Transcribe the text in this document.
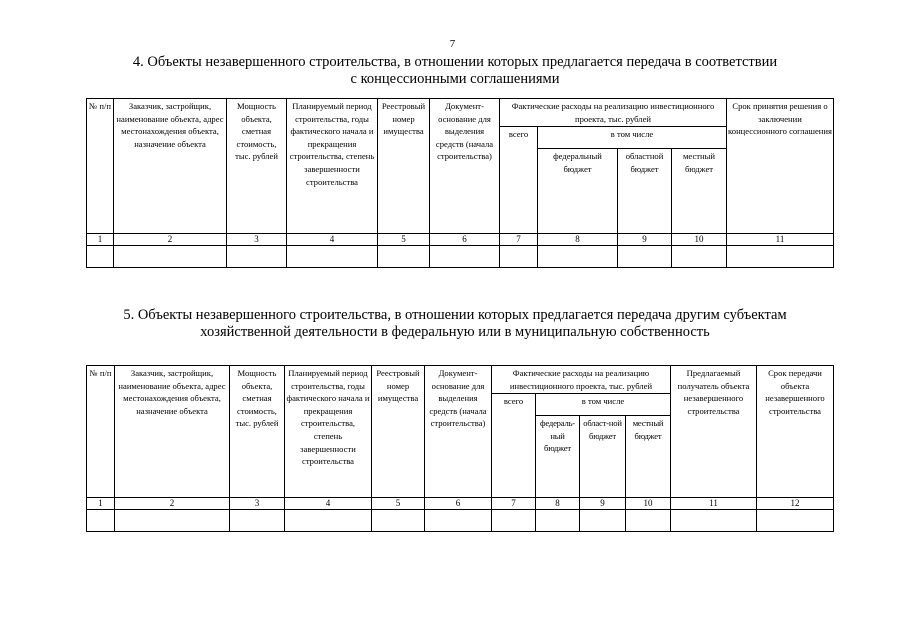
7
4. Объекты незавершенного строительства, в отношении которых предлагается передача в соответствии
с концессионными соглашениями
№ п/п	Заказчик, застройщик, наименование объекта, адрес местонахождения объекта, назначение объекта	Мощность объекта, сметная стоимость, тыс. рублей	Планируемый период строительства, годы фактического начала и прекращения строительства, степень завершенности строительства	Реестровый номер имущества	Документ-основание для выделения средств (начала строительства)	Фактические расходы на реализацию инвестиционного проекта, тыс. рублей				Срок принятия решения о заключении концессионного соглашения
						всего	в том числе			
							федеральный бюджет	областной бюджет	местный бюджет	
1	2	3	4	5	6	7	8	9	10	11

5. Объекты незавершенного строительства, в отношении которых предлагается передача другим субъектам
хозяйственной деятельности в федеральную или в муниципальную собственность
№ п/п	Заказчик, застройщик, наименование объекта, адрес местонахождения объекта, назначение объекта	Мощность объекта, сметная стоимость, тыс. рублей	Планируемый период строительства, годы фактического начала и прекращения строительства, степень завершенности строительства	Реестровый номер имущества	Документ-основание для выделения средств (начала строительства)	Фактические расходы на реализацию инвестиционного проекта, тыс. рублей				Предлагаемый получатель объекта незавершенного строительства	Срок передачи объекта незавершенного строительства
						всего	в том числе				
							федераль-ный бюджет	област-ной бюджет	местный бюджет		
1	2	3	4	5	6	7	8	9	10	11	12
